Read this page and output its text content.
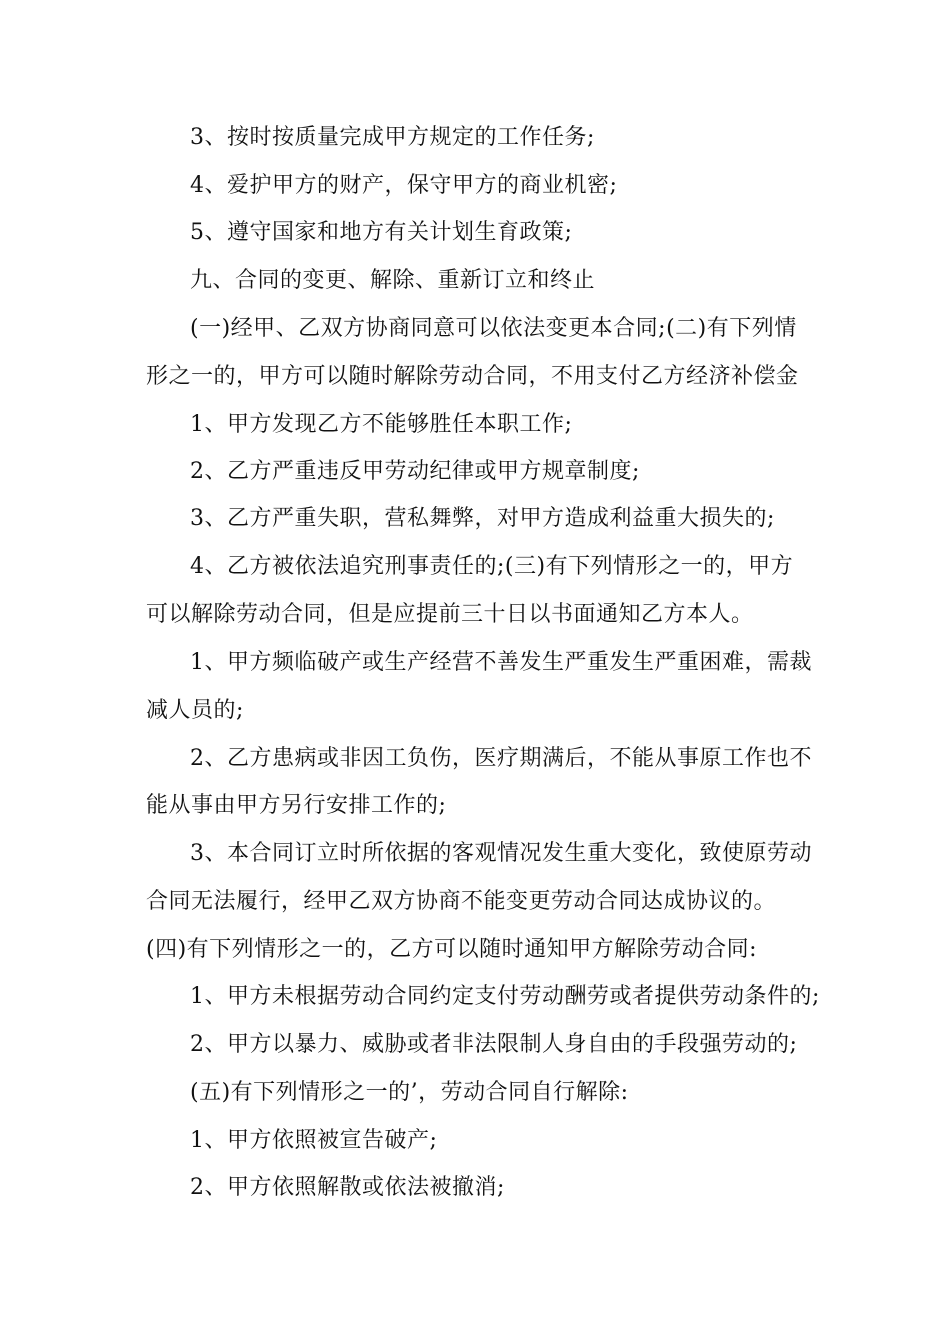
3、按时按质量完成甲方规定的工作任务;
4、爱护甲方的财产，保守甲方的商业机密;
5、遵守国家和地方有关计划生育政策;
九、合同的变更、解除、重新订立和终止
(一)经甲、乙双方协商同意可以依法变更本合同;(二)有下列情
形之一的，甲方可以随时解除劳动合同，不用支付乙方经济补偿金
1、甲方发现乙方不能够胜任本职工作;
2、乙方严重违反甲劳动纪律或甲方规章制度;
3、乙方严重失职，营私舞弊，对甲方造成利益重大损失的;
4、乙方被依法追究刑事责任的;(三)有下列情形之一的，甲方
可以解除劳动合同，但是应提前三十日以书面通知乙方本人。
1、甲方频临破产或生产经营不善发生严重发生严重困难，需裁
减人员的;
2、乙方患病或非因工负伤，医疗期满后，不能从事原工作也不
能从事由甲方另行安排工作的;
3、本合同订立时所依据的客观情况发生重大变化，致使原劳动
合同无法履行，经甲乙双方协商不能变更劳动合同达成协议的。
(四)有下列情形之一的，乙方可以随时通知甲方解除劳动合同:
1、甲方未根据劳动合同约定支付劳动酬劳或者提供劳动条件的;
2、甲方以暴力、威胁或者非法限制人身自由的手段强劳动的;
(五)有下列情形之一的’，劳动合同自行解除:
1、甲方依照被宣告破产;
2、甲方依照解散或依法被撤消;
